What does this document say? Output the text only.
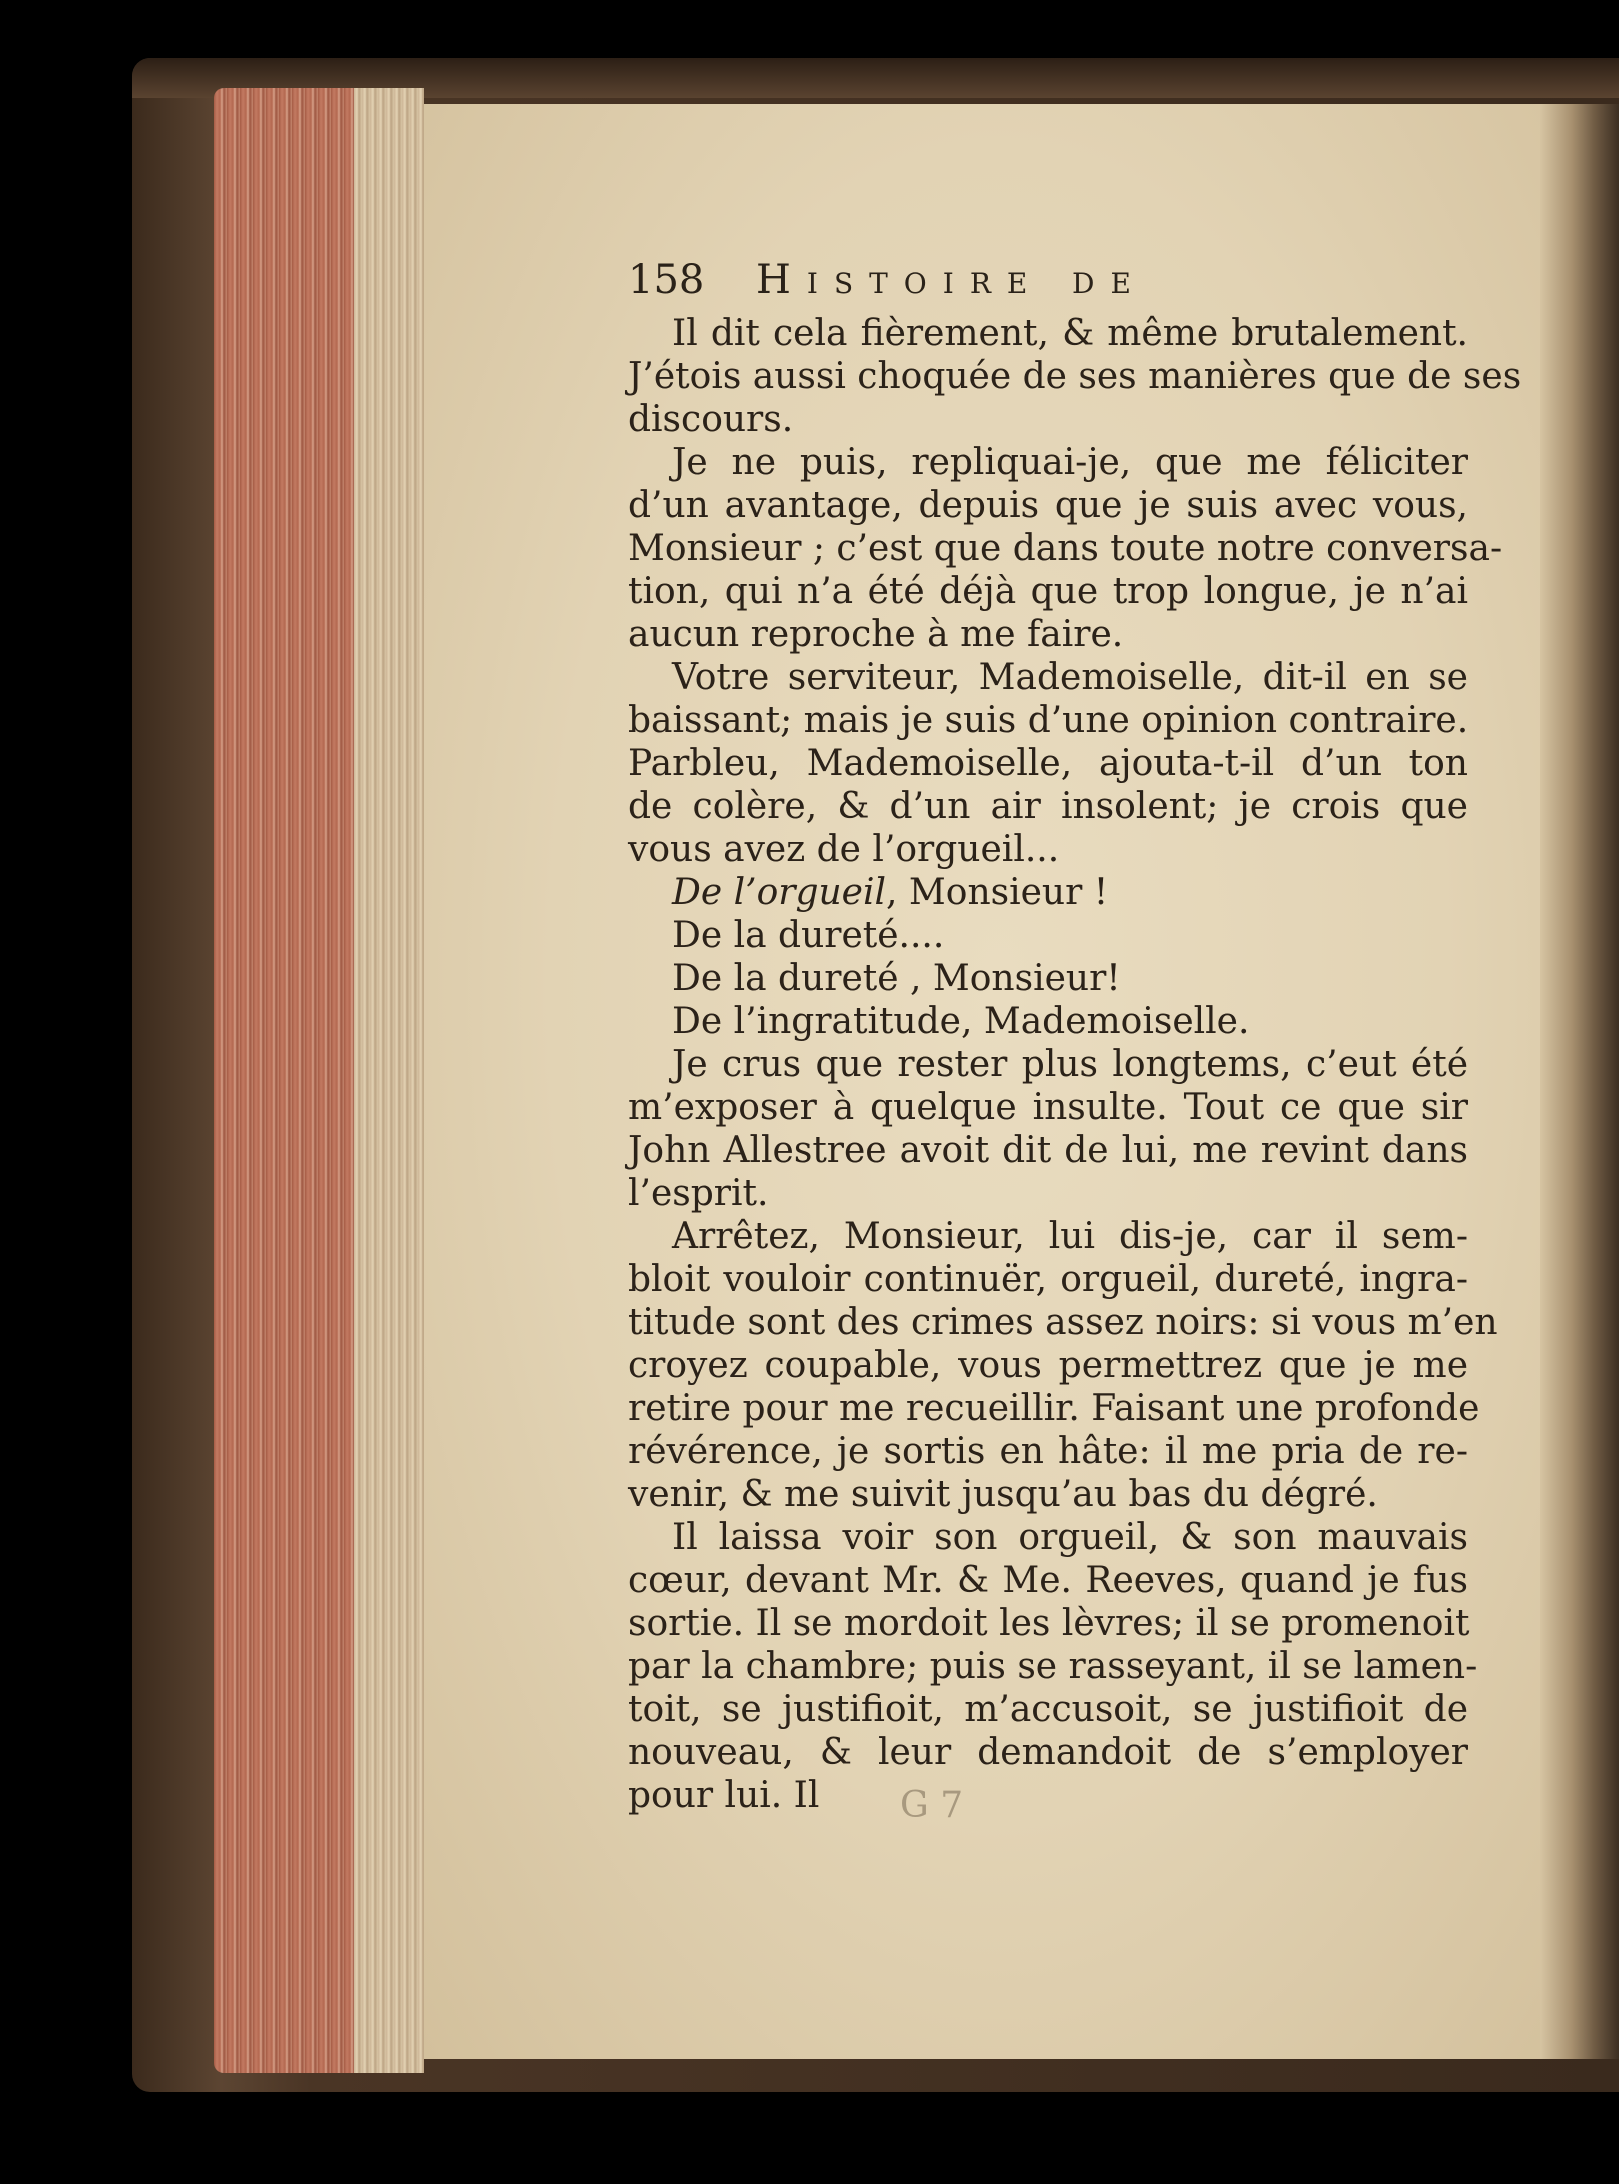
158 Histoire de
Il dit cela fièrement, & même brutalement.
J’étois aussi choquée de ses manières que de ses
discours.
Je ne puis, repliquai-je, que me féliciter
d’un avantage, depuis que je suis avec vous,
Monsieur ; c’est que dans toute notre conversa-
tion, qui n’a été déjà que trop longue, je n’ai
aucun reproche à me faire.
Votre serviteur, Mademoiselle, dit-il en se
baissant; mais je suis d’une opinion contraire.
Parbleu, Mademoiselle, ajouta-t-il d’un ton
de colère, & d’un air insolent; je crois que
vous avez de l’orgueil...
De l’orgueil, Monsieur !
De la dureté....
De la dureté , Monsieur!
De l’ingratitude, Mademoiselle.
Je crus que rester plus longtems, c’eut été
m’exposer à quelque insulte. Tout ce que sir
John Allestree avoit dit de lui, me revint dans
l’esprit.
Arrêtez, Monsieur, lui dis-je, car il sem-
bloit vouloir continuër, orgueil, dureté, ingra-
titude sont des crimes assez noirs: si vous m’en
croyez coupable, vous permettrez que je me
retire pour me recueillir. Faisant une profonde
révérence, je sortis en hâte: il me pria de re-
venir, & me suivit jusqu’au bas du dégré.
Il laissa voir son orgueil, & son mauvais
cœur, devant Mr. & Me. Reeves, quand je fus
sortie. Il se mordoit les lèvres; il se promenoit
par la chambre; puis se rasseyant, il se lamen-
toit, se justifioit, m’accusoit, se justifioit de
nouveau, & leur demandoit de s’employer
pour lui. Il	G 7
